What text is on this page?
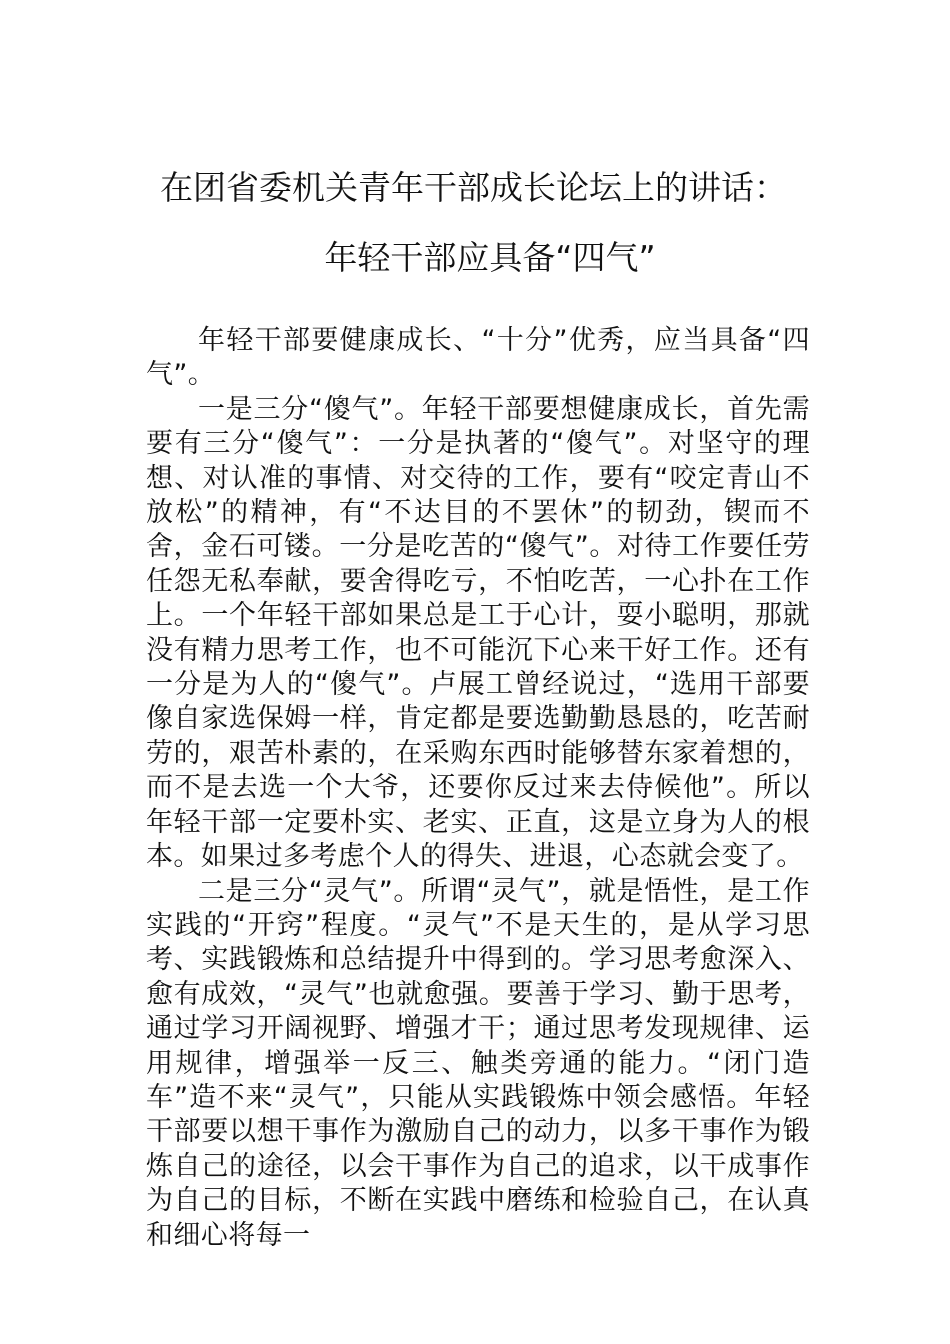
在团省委机关青年干部成长论坛上的讲话：
年轻干部应具备“四气”

年轻干部要健康成长、“十分”优秀，应当具备“四气”。

一是三分“傻气”。年轻干部要想健康成长，首先需要有三分“傻气”：一分是执著的“傻气”。对坚守的理想、对认准的事情、对交待的工作，要有“咬定青山不放松”的精神，有“不达目的不罢休”的韧劲，锲而不舍，金石可镂。一分是吃苦的“傻气”。对待工作要任劳任怨无私奉献，要舍得吃亏，不怕吃苦，一心扑在工作上。一个年轻干部如果总是工于心计，耍小聪明，那就没有精力思考工作，也不可能沉下心来干好工作。还有一分是为人的“傻气”。卢展工曾经说过，“选用干部要像自家选保姆一样，肯定都是要选勤勤恳恳的，吃苦耐劳的，艰苦朴素的，在采购东西时能够替东家着想的，而不是去选一个大爷，还要你反过来去侍候他”。所以年轻干部一定要朴实、老实、正直，这是立身为人的根本。如果过多考虑个人的得失、进退，心态就会变了。

二是三分“灵气”。所谓“灵气”，就是悟性，是工作实践的“开窍”程度。“灵气”不是天生的，是从学习思考、实践锻炼和总结提升中得到的。学习思考愈深入、愈有成效，“灵气”也就愈强。要善于学习、勤于思考，通过学习开阔视野、增强才干；通过思考发现规律、运用规律，增强举一反三、触类旁通的能力。“闭门造车”造不来“灵气”，只能从实践锻炼中领会感悟。年轻干部要以想干事作为激励自己的动力，以多干事作为锻炼自己的途径，以会干事作为自己的追求，以干成事作为自己的目标，不断在实践中磨练和检验自己，在认真和细心将每一
